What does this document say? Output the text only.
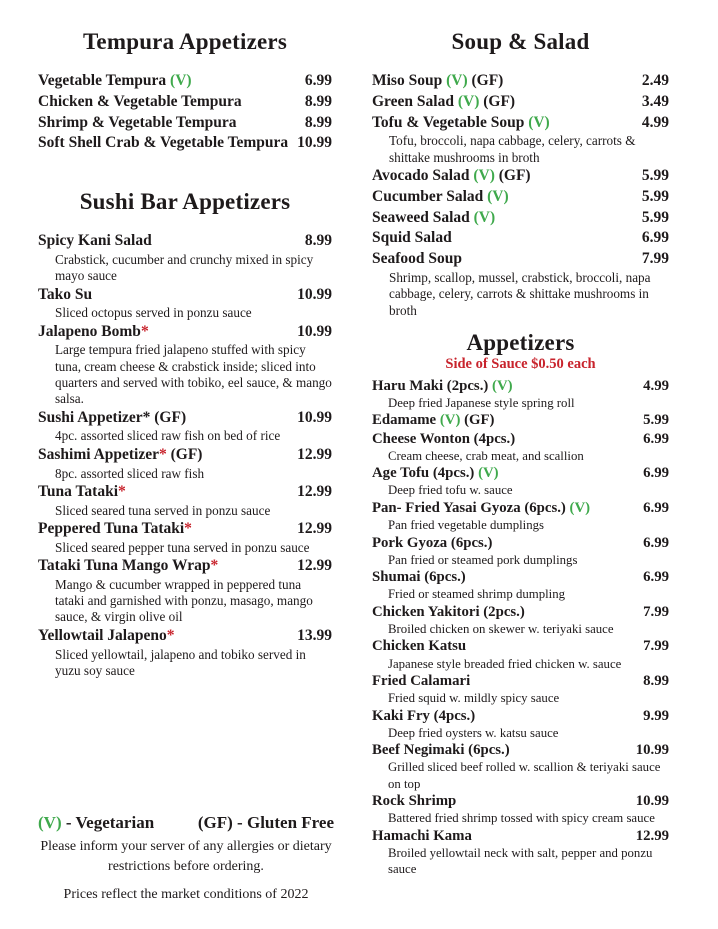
Tempura Appetizers
Vegetable Tempura (V)	6.99
Chicken & Vegetable Tempura	8.99
Shrimp & Vegetable Tempura	8.99
Soft Shell Crab & Vegetable Tempura 10.99
Sushi Bar Appetizers
Spicy Kani Salad	8.99
Crabstick, cucumber and crunchy mixed in spicy mayo sauce
Tako Su	10.99
Sliced octopus served in ponzu sauce
Jalapeno Bomb*	10.99
Large tempura fried jalapeno stuffed with spicy tuna, cream cheese & crabstick inside; sliced into quarters and served with tobiko, eel sauce, & mango salsa.
Sushi Appetizer* (GF)	10.99
4pc. assorted sliced raw fish on bed of rice
Sashimi Appetizer* (GF)	12.99
8pc. assorted sliced raw fish
Tuna Tataki*	12.99
Sliced seared tuna served in ponzu sauce
Peppered Tuna Tataki*	12.99
Sliced seared pepper tuna served in ponzu sauce
Tataki Tuna Mango Wrap*	12.99
Mango & cucumber wrapped in peppered tuna tataki and garnished with ponzu, masago, mango sauce, & virgin olive oil
Yellowtail Jalapeno*	13.99
Sliced yellowtail, jalapeno and tobiko served in yuzu soy sauce
Soup & Salad
Miso Soup (V) (GF)	2.49
Green Salad (V) (GF)	3.49
Tofu & Vegetable Soup (V)	4.99
Tofu, broccoli, napa cabbage, celery, carrots & shittake mushrooms in broth
Avocado Salad (V) (GF)	5.99
Cucumber Salad (V)	5.99
Seaweed Salad (V)	5.99
Squid Salad	6.99
Seafood Soup	7.99
Shrimp, scallop, mussel, crabstick, broccoli, napa cabbage, celery, carrots & shittake mushrooms in broth
Appetizers
Side of Sauce $0.50 each
Haru Maki (2pcs.) (V)	4.99
Deep fried Japanese style spring roll
Edamame (V) (GF)	5.99
Cheese Wonton (4pcs.)	6.99
Cream cheese, crab meat, and scallion
Age Tofu (4pcs.) (V)	6.99
Deep fried tofu w. sauce
Pan- Fried Yasai Gyoza (6pcs.) (V)	6.99
Pan fried vegetable dumplings
Pork Gyoza (6pcs.)	6.99
Pan fried or steamed pork dumplings
Shumai (6pcs.)	6.99
Fried or steamed shrimp dumpling
Chicken Yakitori (2pcs.)	7.99
Broiled chicken on skewer w. teriyaki sauce
Chicken Katsu	7.99
Japanese style breaded fried chicken w. sauce
Fried Calamari	8.99
Fried squid w. mildly spicy sauce
Kaki Fry (4pcs.)	9.99
Deep fried oysters w. katsu sauce
Beef Negimaki (6pcs.)	10.99
Grilled sliced beef rolled w. scallion & teriyaki sauce on top
Rock Shrimp	10.99
Battered fried shrimp tossed with spicy cream sauce
Hamachi Kama	12.99
Broiled yellowtail neck with salt, pepper and ponzu sauce
(V) - Vegetarian	(GF) - Gluten Free
Please inform your server of any allergies or dietary
restrictions before ordering.
Prices reflect the market conditions of 2022
